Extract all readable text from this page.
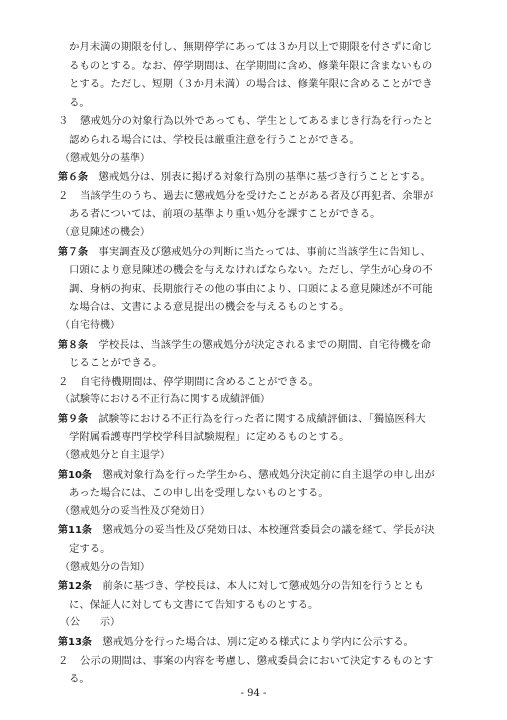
か月未満の期限を付し、無期停学にあっては３か月以上で期限を付さずに命じ
るものとする。なお、停学期間は、在学期間に含め、修業年限に含まないもの
とする。ただし、短期（３か月未満）の場合は、修業年限に含めることができ
る。
３ 懲戒処分の対象行為以外であっても、学生としてあるまじき行為を行ったと
認められる場合には、学校長は厳重注意を行うことができる。
（懲戒処分の基準）
第６条　 懲戒処分は、別表に掲げる対象行為別の基準に基づき行うこととする。
２ 当該学生のうち、過去に懲戒処分を受けたことがある者及び再犯者、余罪が
ある者については、前項の基準より重い処分を課すことができる。
（意見陳述の機会）
第７条　 事実調査及び懲戒処分の判断に当たっては、事前に当該学生に告知し、
口頭により意見陳述の機会を与えなければならない。ただし、学生が心身の不
調、身柄の拘束、長期旅行その他の事由により、口頭による意見陳述が不可能
な場合は、文書による意見提出の機会を与えるものとする。
（自宅待機）
第８条　 学校長は、当該学生の懲戒処分が決定されるまでの期間、自宅待機を命
じることができる。
２ 自宅待機期間は、停学期間に含めることができる。
（試験等における不正行為に関する成績評価）
第９条　 試験等における不正行為を行った者に関する成績評価は、「獨協医科大
学附属看護専門学校学科目試験規程」に定めるものとする。
（懲戒処分と自主退学）
第10条　 懲戒対象行為を行った学生から、懲戒処分決定前に自主退学の申し出が
あった場合には、この申し出を受理しないものとする。
（懲戒処分の妥当性及び発効日）
第11条　 懲戒処分の妥当性及び発効日は、本校運営委員会の議を経て、学長が決
定する。
（懲戒処分の告知）
第12条　 前条に基づき、学校長は、本人に対して懲戒処分の告知を行うととも
に、保証人に対しても文書にて告知するものとする。
（公　　示）
第13条　 懲戒処分を行った場合は、別に定める様式により学内に公示する。
２ 公示の期間は、事案の内容を考慮し、懲戒委員会において決定するものとす
る。
- 94 -
